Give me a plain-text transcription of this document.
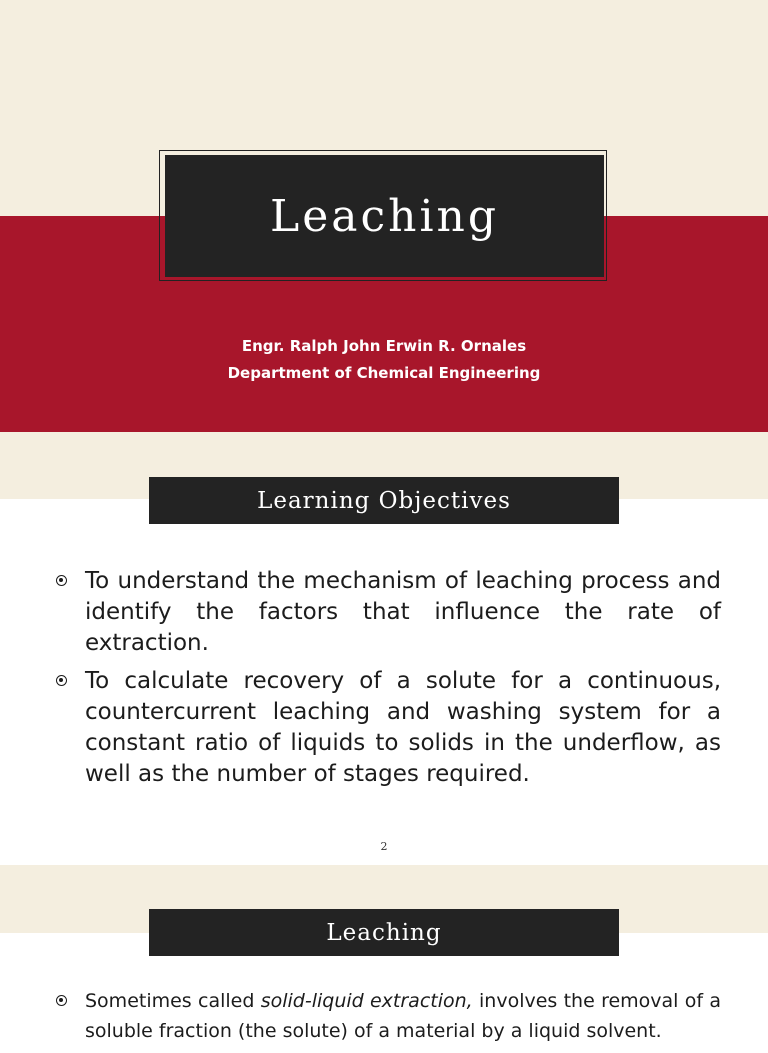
Leaching
Engr. Ralph John Erwin R. Ornales
Department of Chemical Engineering
Learning Objectives
To understand the mechanism of leaching process and identify the factors that influence the rate of extraction.
To calculate recovery of a solute for a continuous, countercurrent leaching and washing system for a constant ratio of liquids to solids in the underflow, as well as the number of stages required.
2
Leaching
Sometimes called solid-liquid extraction, involves the removal of a soluble fraction (the solute) of a material by a liquid solvent.
